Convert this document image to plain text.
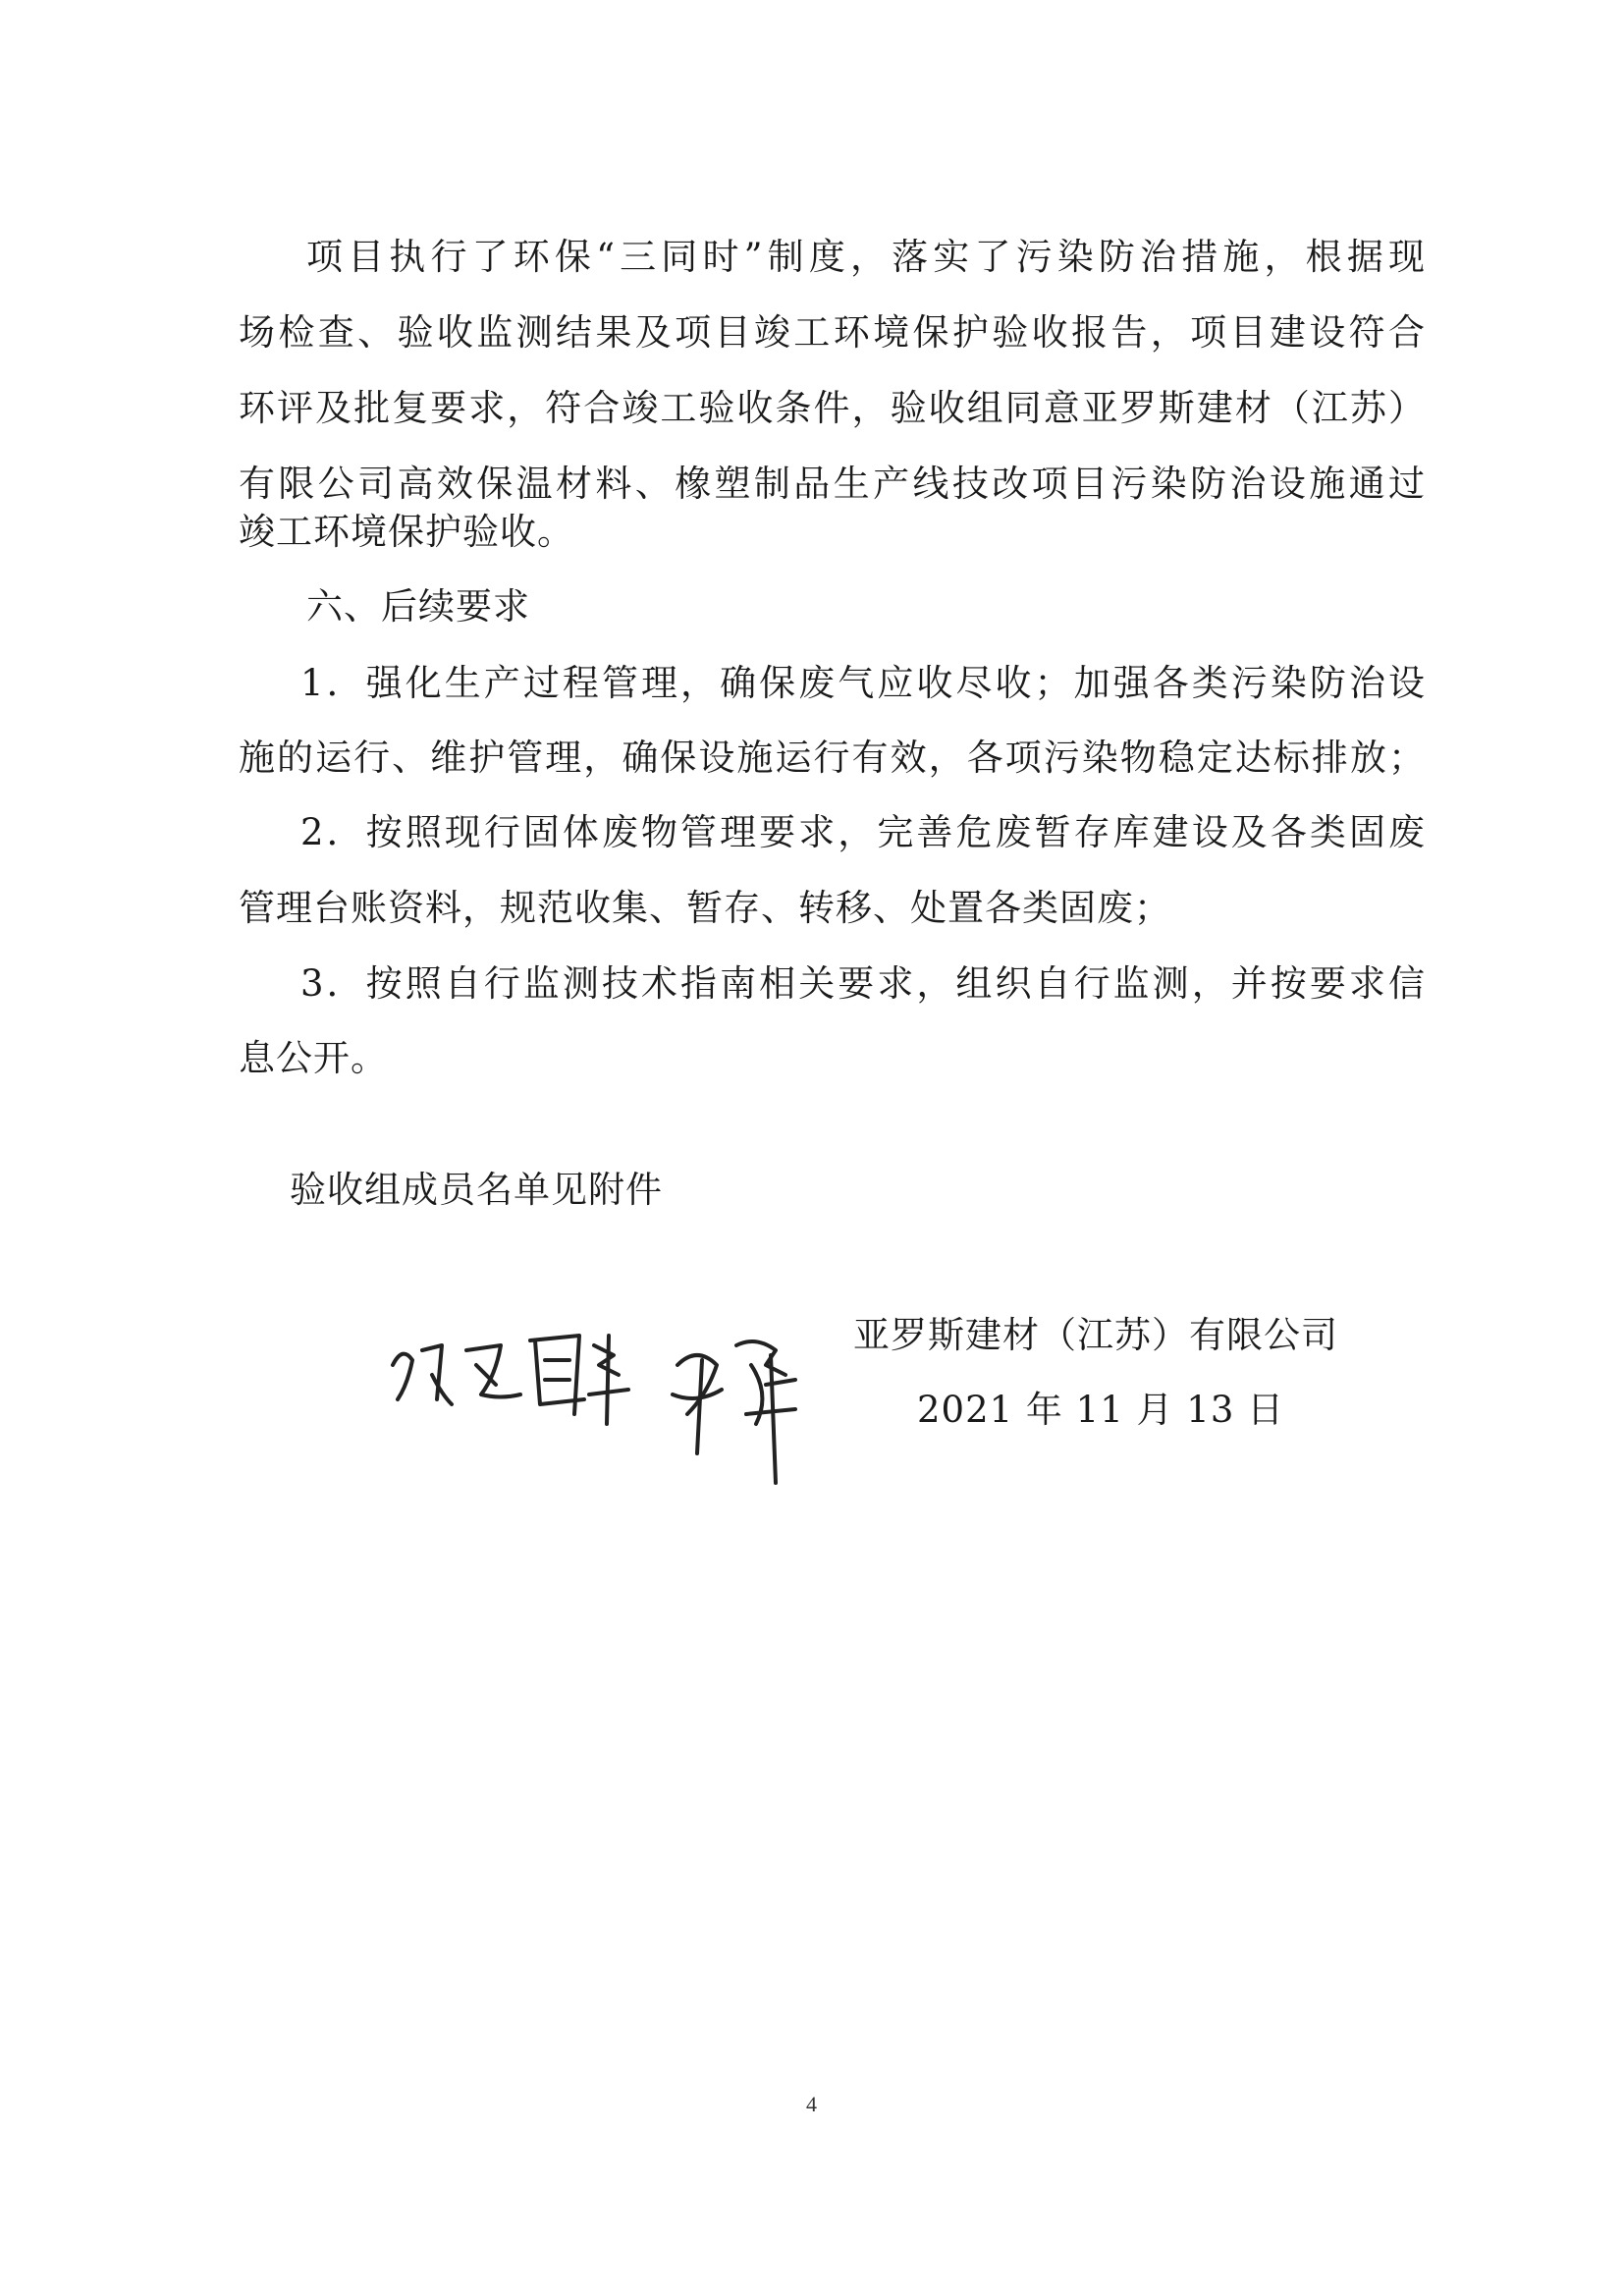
项目执行了环保“三同时”制度，落实了污染防治措施，根据现
场检查、验收监测结果及项目竣工环境保护验收报告，项目建设符合
环评及批复要求，符合竣工验收条件，验收组同意亚罗斯建材（江苏）
有限公司高效保温材料、橡塑制品生产线技改项目污染防治设施通过
竣工环境保护验收。
六、后续要求
1．强化生产过程管理，确保废气应收尽收；加强各类污染防治设
施的运行、维护管理，确保设施运行有效，各项污染物稳定达标排放；
2．按照现行固体废物管理要求，完善危废暂存库建设及各类固废
管理台账资料，规范收集、暂存、转移、处置各类固废；
3．按照自行监测技术指南相关要求，组织自行监测，并按要求信
息公开。
验收组成员名单见附件
亚罗斯建材（江苏）有限公司
2021 年 11 月 13 日
4
